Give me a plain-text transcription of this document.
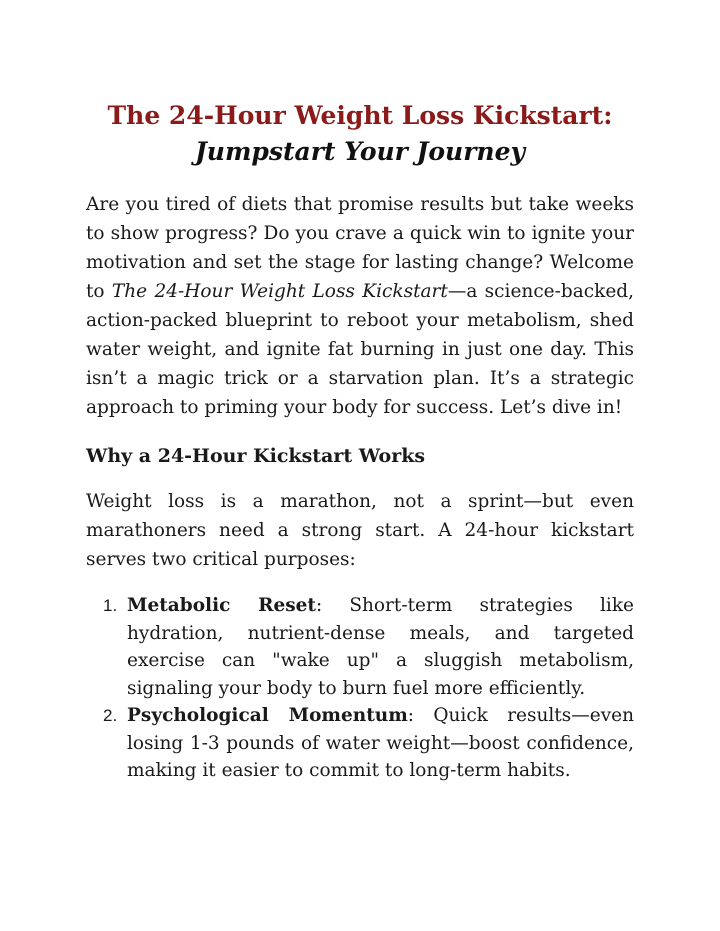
The 24-Hour Weight Loss Kickstart:
Jumpstart Your Journey

Are you tired of diets that promise results but take weeks to show progress? Do you crave a quick win to ignite your motivation and set the stage for lasting change? Welcome to The 24-Hour Weight Loss Kickstart—a science-backed, action-packed blueprint to reboot your metabolism, shed water weight, and ignite fat burning in just one day. This isn’t a magic trick or a starvation plan. It’s a strategic approach to priming your body for success. Let’s dive in!

Why a 24-Hour Kickstart Works

Weight loss is a marathon, not a sprint—but even marathoners need a strong start. A 24-hour kickstart serves two critical purposes:

1. Metabolic Reset: Short-term strategies like hydration, nutrient-dense meals, and targeted exercise can "wake up" a sluggish metabolism, signaling your body to burn fuel more efficiently.
2. Psychological Momentum: Quick results—even losing 1-3 pounds of water weight—boost confidence, making it easier to commit to long-term habits.
